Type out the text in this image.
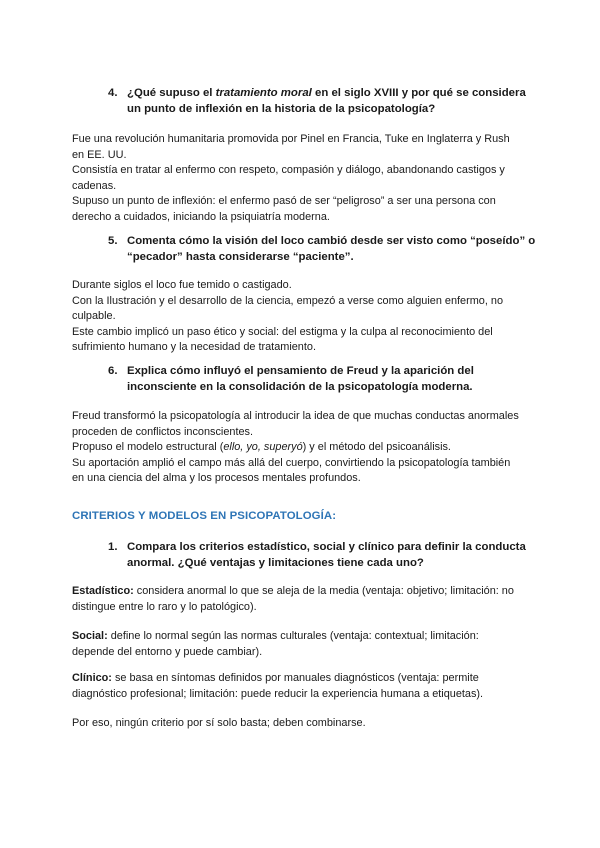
4. ¿Qué supuso el tratamiento moral en el siglo XVIII y por qué se considera
un punto de inflexión en la historia de la psicopatología?
Fue una revolución humanitaria promovida por Pinel en Francia, Tuke en Inglaterra y Rush
en EE. UU.
Consistía en tratar al enfermo con respeto, compasión y diálogo, abandonando castigos y
cadenas.
Supuso un punto de inflexión: el enfermo pasó de ser “peligroso” a ser una persona con
derecho a cuidados, iniciando la psiquiatría moderna.
5. Comenta cómo la visión del loco cambió desde ser visto como “poseído” o
“pecador” hasta considerarse “paciente”.
Durante siglos el loco fue temido o castigado.
Con la Ilustración y el desarrollo de la ciencia, empezó a verse como alguien enfermo, no
culpable.
Este cambio implicó un paso ético y social: del estigma y la culpa al reconocimiento del
sufrimiento humano y la necesidad de tratamiento.
6. Explica cómo influyó el pensamiento de Freud y la aparición del
inconsciente en la consolidación de la psicopatología moderna.
Freud transformó la psicopatología al introducir la idea de que muchas conductas anormales
proceden de conflictos inconscientes.
Propuso el modelo estructural (ello, yo, superyó) y el método del psicoanálisis.
Su aportación amplió el campo más allá del cuerpo, convirtiendo la psicopatología también
en una ciencia del alma y los procesos mentales profundos.
CRITERIOS Y MODELOS EN PSICOPATOLOGÍA:
1. Compara los criterios estadístico, social y clínico para definir la conducta
anormal. ¿Qué ventajas y limitaciones tiene cada uno?
Estadístico: considera anormal lo que se aleja de la media (ventaja: objetivo; limitación: no
distingue entre lo raro y lo patológico).
Social: define lo normal según las normas culturales (ventaja: contextual; limitación:
depende del entorno y puede cambiar).
Clínico: se basa en síntomas definidos por manuales diagnósticos (ventaja: permite
diagnóstico profesional; limitación: puede reducir la experiencia humana a etiquetas).
Por eso, ningún criterio por sí solo basta; deben combinarse.
